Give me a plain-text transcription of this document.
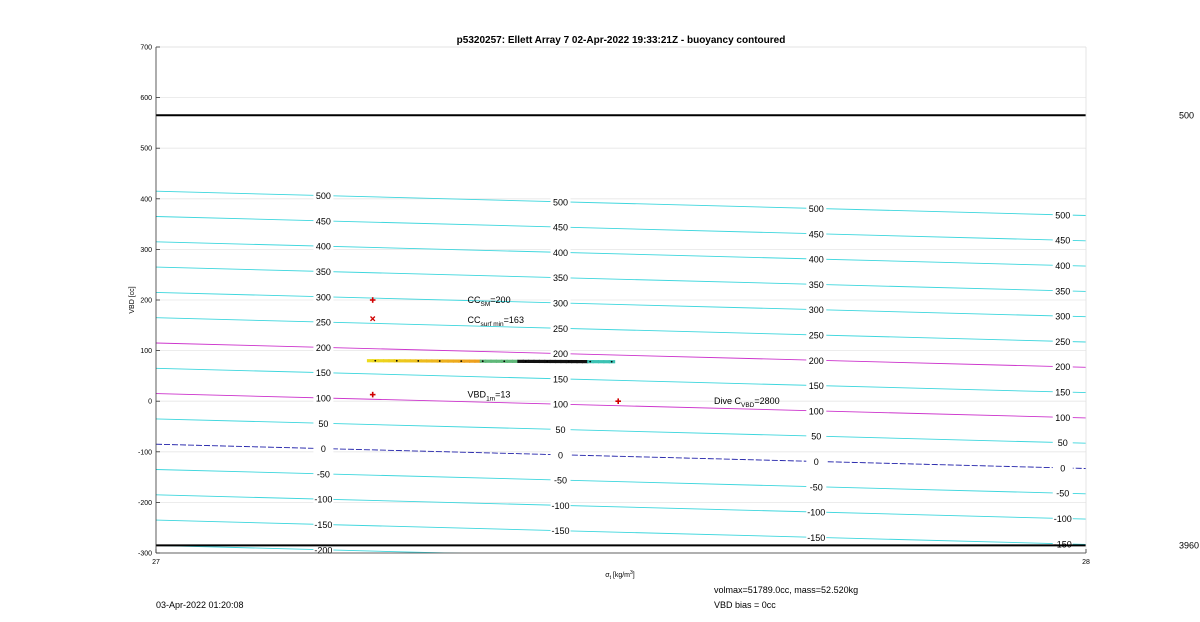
-200
-150
-150
-150
-150
-100
-100
-100
-100
-50
-50
-50
-50
0
0
0
0
50
50
50
50
100
100
100
100
150
150
150
150
200
200
200
200
250
250
250
250
300
300
300
300
350
350
350
350
400
400
400
400
450
450
450
450
500
500
500
500
500
3960
$CC_{SM}=200$
$CC_{surf min}=163$
$VBD_{1m}=13$
Dive $C_{VBD}=2800$
-300
-200
-100
0
100
200
300
400
500
600
700
27	28
p5320257: Ellett Array 7 02-Apr-2022 19:33:21Z - buoyancy contoured
VBD [cc]
$\sigma_t$ $[kg/m^3]$
03-Apr-2022 01:20:08
volmax=51789.0cc, mass=52.520kg
VBD bias = 0cc
